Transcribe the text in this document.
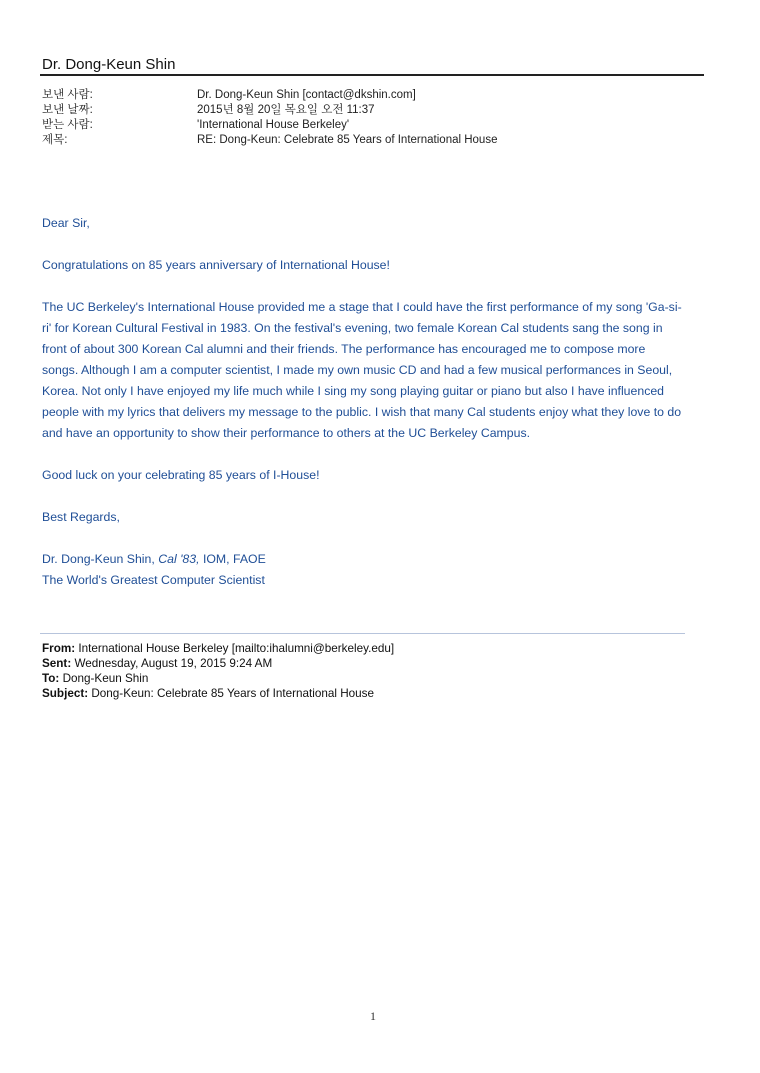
Dr. Dong-Keun Shin
보낸 사람:	Dr. Dong-Keun Shin [contact@dkshin.com]
보낸 날짜:	2015년 8월 20일 목요일 오전 11:37
받는 사람:	'International House Berkeley'
제목:	RE: Dong-Keun: Celebrate 85 Years of International House

Dear Sir,

Congratulations on 85 years anniversary of International House!

The UC Berkeley's International House provided me a stage that I could have the first performance of my song 'Ga-si-ri' for Korean Cultural Festival in 1983. On the festival's evening, two female Korean Cal students sang the song in front of about 300 Korean Cal alumni and their friends. The performance has encouraged me to compose more songs. Although I am a computer scientist, I made my own music CD and had a few musical performances in Seoul, Korea. Not only I have enjoyed my life much while I sing my song playing guitar or piano but also I have influenced people with my lyrics that delivers my message to the public. I wish that many Cal students enjoy what they love to do and have an opportunity to show their performance to others at the UC Berkeley Campus.

Good luck on your celebrating 85 years of I-House!

Best Regards,

Dr. Dong-Keun Shin, Cal '83, IOM, FAOE
The World's Greatest Computer Scientist
From: International House Berkeley [mailto:ihalumni@berkeley.edu]
Sent: Wednesday, August 19, 2015 9:24 AM
To: Dong-Keun Shin
Subject: Dong-Keun: Celebrate 85 Years of International House
1
